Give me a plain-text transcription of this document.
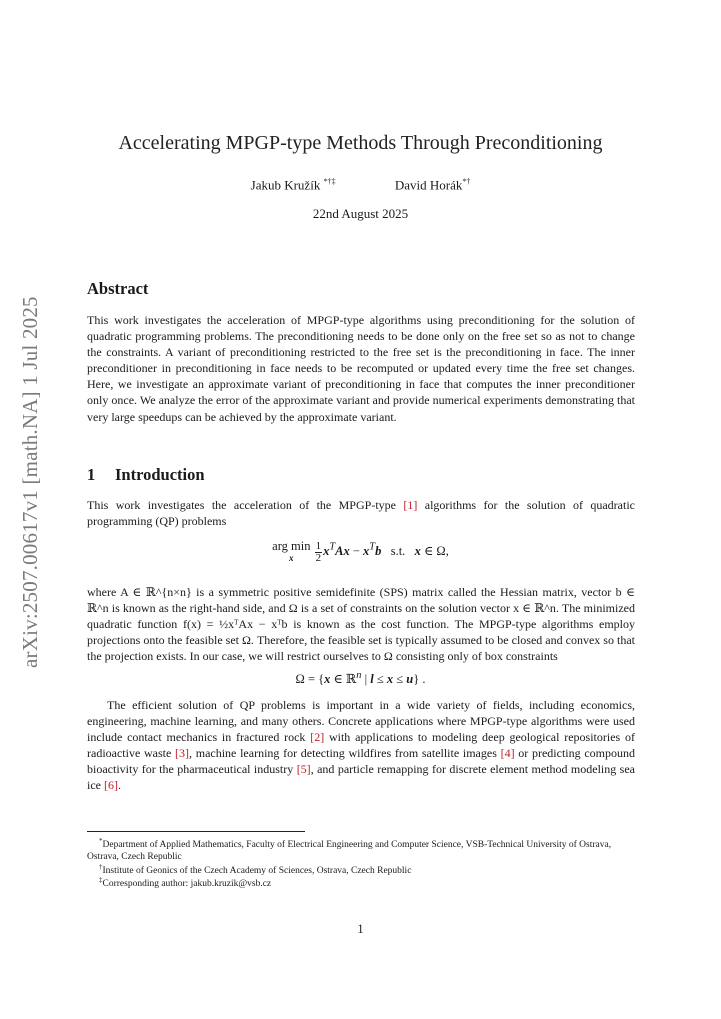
arXiv:2507.00617v1 [math.NA] 1 Jul 2025
Accelerating MPGP-type Methods Through Preconditioning
Jakub Kružík *†‡	David Horák*†
22nd August 2025
Abstract
This work investigates the acceleration of MPGP-type algorithms using preconditioning for the solution of quadratic programming problems. The preconditioning needs to be done only on the free set so as not to change the constraints. A variant of preconditioning restricted to the free set is the preconditioning in face. The inner preconditioner in preconditioning in face needs to be recomputed or updated every time the free set changes. Here, we investigate an approximate variant of preconditioning in face that computes the inner preconditioner only once. We analyze the error of the approximate variant and provide numerical experiments demonstrating that very large speedups can be achieved by the approximate variant.
1 Introduction
This work investigates the acceleration of the MPGP-type [1] algorithms for the solution of quadratic programming (QP) problems
arg min
x
	$\frac{1}{2}x^TAx - x^Tb$ s.t. x ∈ Ω,
where A ∈ ℝ^{n×n} is a symmetric positive semidefinite (SPS) matrix called the Hessian matrix, vector b ∈ ℝ^n is known as the right-hand side, and Ω is a set of constraints on the solution vector x ∈ ℝ^n. The minimized quadratic function f(x) = ½xᵀAx − xᵀb is known as the cost function. The MPGP-type algorithms employ projections onto the feasible set Ω. Therefore, the feasible set is typically assumed to be closed and convex so that the projection exists. In our case, we will restrict ourselves to Ω consisting only of box constraints
Ω = {x ∈ ℝ$^n$ | l ≤ x ≤ u} .
The efficient solution of QP problems is important in a wide variety of fields, including economics, engineering, machine learning, and many others. Concrete applications where MPGP-type algorithms were used include contact mechanics in fractured rock [2] with applications to modeling deep geological repositories of radioactive waste [3], machine learning for detecting wildfires from satellite images [4] or predicting compound bioactivity for the pharmaceutical industry [5], and particle remapping for discrete element method modeling sea ice [6].
*Department of Applied Mathematics, Faculty of Electrical Engineering and Computer Science, VSB-Technical University of Ostrava, Ostrava, Czech Republic
†Institute of Geonics of the Czech Academy of Sciences, Ostrava, Czech Republic
‡Corresponding author: jakub.kruzik@vsb.cz
1
